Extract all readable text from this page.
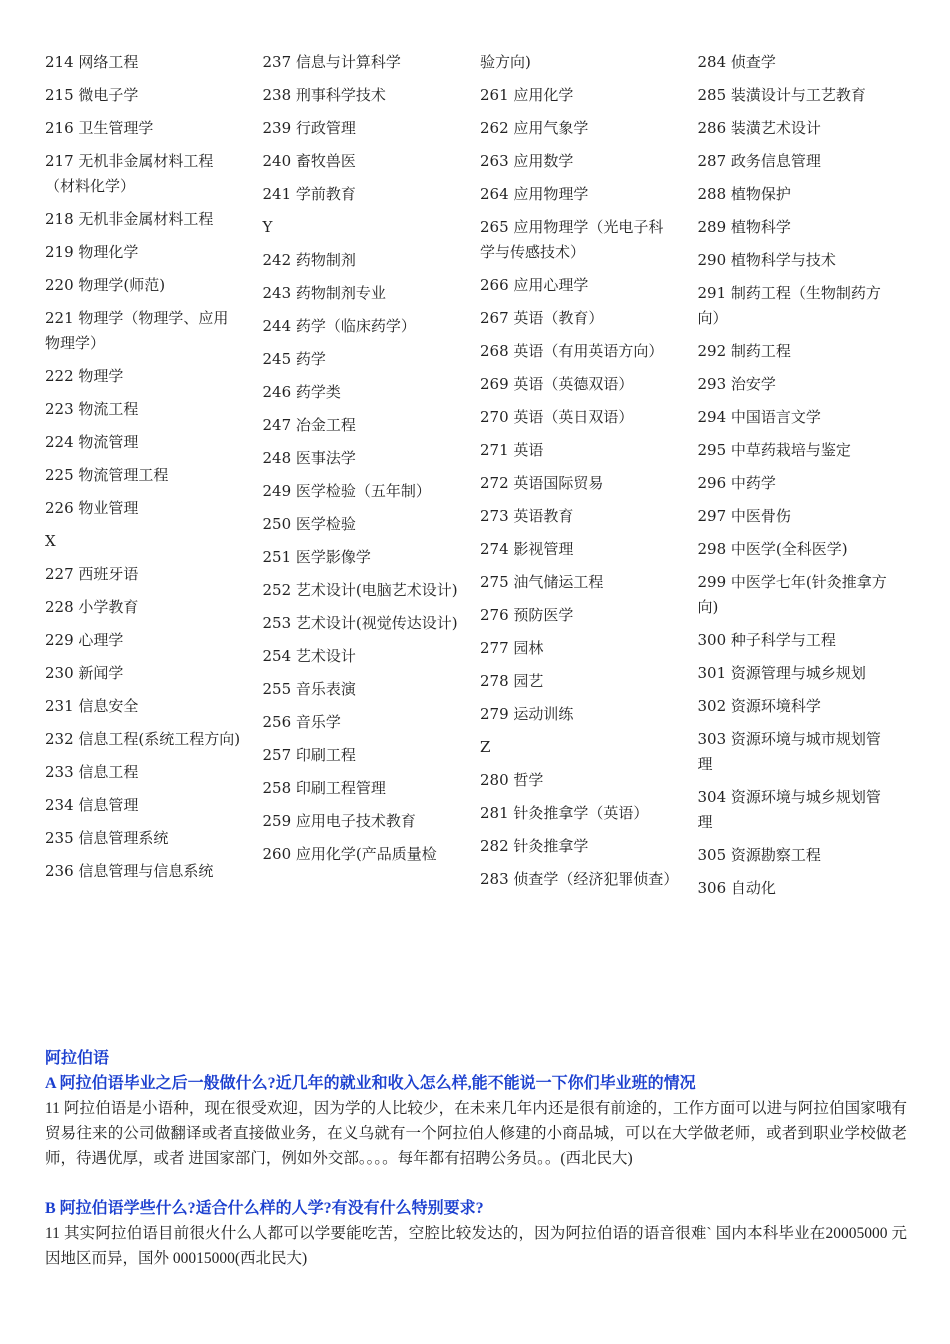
214 网络工程
215 微电子学
216 卫生管理学
217 无机非金属材料工程（材料化学）
218 无机非金属材料工程
219 物理化学
220 物理学(师范)
221 物理学（物理学、应用物理学）
222 物理学
223 物流工程
224 物流管理
225 物流管理工程
226 物业管理
X
227 西班牙语
228 小学教育
229 心理学
230 新闻学
231 信息安全
232 信息工程(系统工程方向)
233 信息工程
234 信息管理
235 信息管理系统
236 信息管理与信息系统
237 信息与计算科学
238 刑事科学技术
239 行政管理
240 畜牧兽医
241 学前教育
Y
242 药物制剂
243 药物制剂专业
244 药学（临床药学）
245 药学
246 药学类
247 冶金工程
248 医事法学
249 医学检验（五年制）
250 医学检验
251 医学影像学
252 艺术设计(电脑艺术设计)
253 艺术设计(视觉传达设计)
254 艺术设计
255 音乐表演
256 音乐学
257 印刷工程
258 印刷工程管理
259 应用电子技术教育
260 应用化学(产品质量检
验方向)
261 应用化学
262 应用气象学
263 应用数学
264 应用物理学
265 应用物理学（光电子科学与传感技术）
266 应用心理学
267 英语（教育）
268 英语（有用英语方向）
269 英语（英德双语）
270 英语（英日双语）
271 英语
272 英语国际贸易
273 英语教育
274 影视管理
275 油气储运工程
276 预防医学
277 园林
278 园艺
279 运动训练
Z
280 哲学
281 针灸推拿学（英语）
282 针灸推拿学
283 侦查学（经济犯罪侦查）
284 侦查学
285 装潢设计与工艺教育
286 装潢艺术设计
287 政务信息管理
288 植物保护
289 植物科学
290 植物科学与技术
291 制药工程（生物制药方向）
292 制药工程
293 治安学
294 中国语言文学
295 中草药栽培与鉴定
296 中药学
297 中医骨伤
298 中医学(全科医学)
299 中医学七年(针灸推拿方向)
300 种子科学与工程
301 资源管理与城乡规划
302 资源环境科学
303 资源环境与城市规划管理
304 资源环境与城乡规划管理
305 资源勘察工程
306 自动化
阿拉伯语
A 阿拉伯语毕业之后一般做什么?近几年的就业和收入怎么样,能不能说一下你们毕业班的情况
11 阿拉伯语是小语种，现在很受欢迎，因为学的人比较少，在未来几年内还是很有前途的，工作方面可以进与阿拉伯国家哦有贸易往来的公司做翻译或者直接做业务，在义乌就有一个阿拉伯人修建的小商品城，可以在大学做老师，或者到职业学校做老师，待遇优厚，或者 进国家部门，例如外交部。。。。每年都有招聘公务员。。(西北民大)
B 阿拉伯语学些什么?适合什么样的人学?有没有什么特别要求?
11 其实阿拉伯语目前很火什么人都可以学要能吃苦，空腔比较发达的，因为阿拉伯语的语音很难` 国内本科毕业在20005000 元因地区而异，国外 00015000(西北民大)
